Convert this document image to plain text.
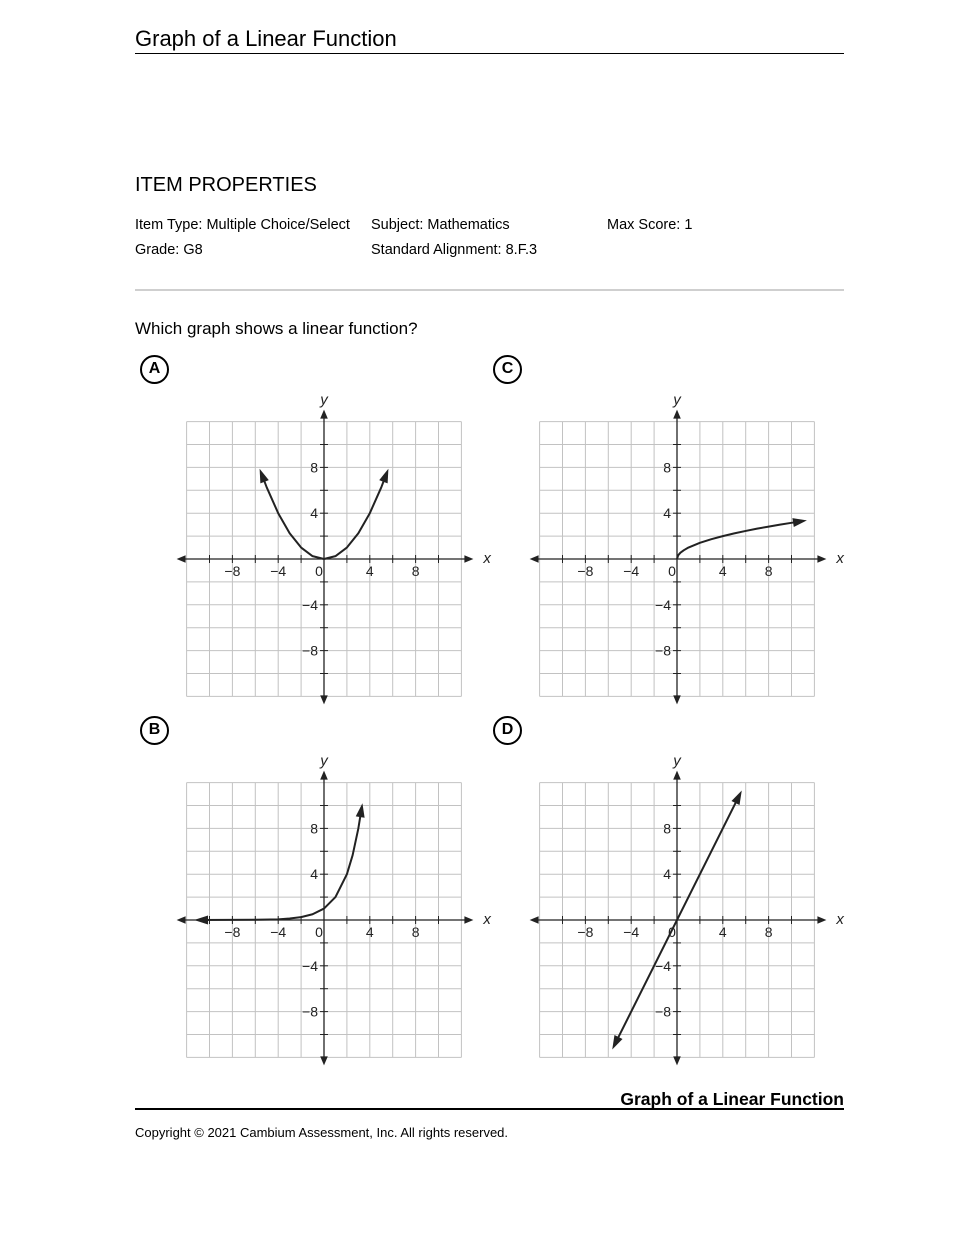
Graph of a Linear Function
ITEM PROPERTIES
Item Type: Multiple Choice/Select Subject: Mathematics	Max Score: 1
Grade: G8	Standard Alignment: 8.F.3
Which graph shows a linear function?
A	C
B	D
−8 −4 0	4	8
8
4
−4
−8
x
y
−8 −4 0	4	8
8
4
−4
−8
x
y
−8 −4 0	4	8
8
4
−4
−8
x
y
−8 −4 0	4	8
8
4
−4
−8
x
y
Graph of a Linear Function
Copyright © 2021 Cambium Assessment, Inc. All rights reserved.
